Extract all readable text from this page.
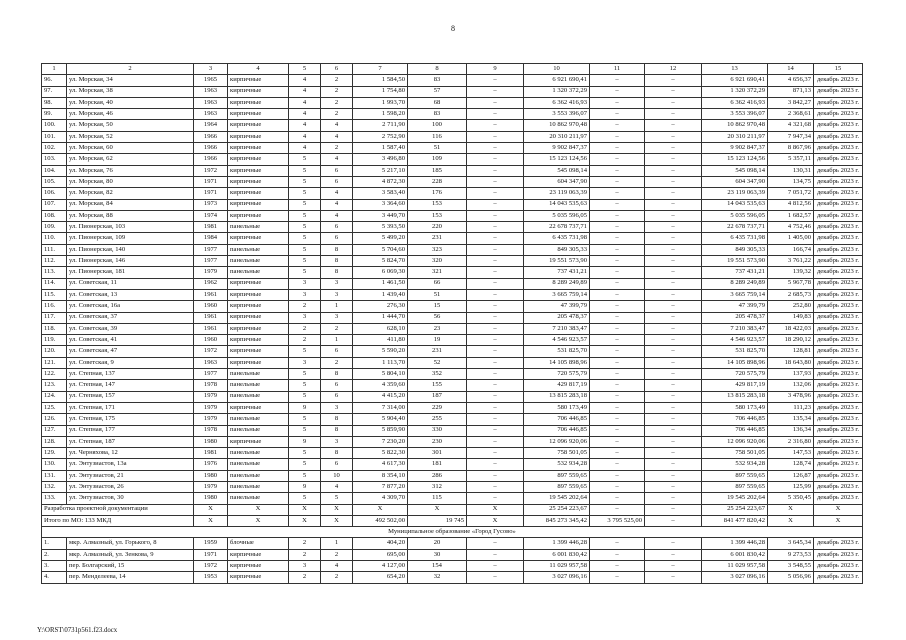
8
1	2	3	4	5	6	7	8	9	10	11	12	13	14	15
96.	ул. Морская, 34	1965	кирпичные	4	2	1 584,50	83	–	6 921 690,41	–	–	6 921 690,41	4 656,37	декабрь 2023 г.
97.	ул. Морская, 38	1963	кирпичные	4	2	1 754,80	57	–	1 320 372,29	–	–	1 320 372,29	871,13	декабрь 2023 г.
98.	ул. Морская, 40	1963	кирпичные	4	2	1 993,70	68	–	6 362 416,93	–	–	6 362 416,93	3 842,27	декабрь 2023 г.
99.	ул. Морская, 46	1963	кирпичные	4	2	1 598,20	83	–	3 553 396,07	–	–	3 553 396,07	2 368,61	декабрь 2023 г.
100.	ул. Морская, 50	1964	кирпичные	4	4	2 711,90	100	–	10 862 970,48	–	–	10 862 970,48	4 321,68	декабрь 2023 г.
101.	ул. Морская, 52	1966	кирпичные	4	4	2 752,90	116	–	20 310 211,97	–	–	20 310 211,97	7 947,34	декабрь 2023 г.
102.	ул. Морская, 60	1966	кирпичные	4	2	1 587,40	51	–	9 902 847,37	–	–	9 902 847,37	8 867,96	декабрь 2023 г.
103.	ул. Морская, 62	1966	кирпичные	5	4	3 496,80	109	–	15 123 124,56	–	–	15 123 124,56	5 357,11	декабрь 2023 г.
104.	ул. Морская, 76	1972	кирпичные	5	6	5 217,10	185	–	545 098,14	–	–	545 098,14	130,31	декабрь 2023 г.
105.	ул. Морская, 80	1971	кирпичные	5	6	4 872,30	228	–	604 347,90	–	–	604 347,90	134,75	декабрь 2023 г.
106.	ул. Морская, 82	1971	кирпичные	5	4	3 583,40	176	–	23 119 063,39	–	–	23 119 063,39	7 051,72	декабрь 2023 г.
107.	ул. Морская, 84	1973	кирпичные	5	4	3 364,60	153	–	14 043 535,63	–	–	14 043 535,63	4 812,56	декабрь 2023 г.
108.	ул. Морская, 88	1974	кирпичные	5	4	3 449,70	153	–	5 035 596,05	–	–	5 035 596,05	1 682,57	декабрь 2023 г.
109.	ул. Пионерская, 103	1981	панельные	5	6	5 393,50	220	–	22 678 737,71	–	–	22 678 737,71	4 752,46	декабрь 2023 г.
110.	ул. Пионерская, 109	1984	кирпичные	5	6	5 499,20	231	–	6 435 731,98	–	–	6 435 731,98	1 405,00	декабрь 2023 г.
111.	ул. Пионерская, 140	1977	панельные	5	8	5 704,60	323	–	849 305,33	–	–	849 305,33	166,74	декабрь 2023 г.
112.	ул. Пионерская, 146	1977	панельные	5	8	5 824,70	320	–	19 551 573,90	–	–	19 551 573,90	3 761,22	декабрь 2023 г.
113.	ул. Пионерская, 181	1979	панельные	5	8	6 069,30	321	–	737 431,21	–	–	737 431,21	139,32	декабрь 2023 г.
114.	ул. Советская, 11	1962	кирпичные	3	3	1 461,50	66	–	8 289 249,89	–	–	8 289 249,89	5 967,78	декабрь 2023 г.
115.	ул. Советская, 13	1961	кирпичные	3	3	1 439,40	51	–	3 665 759,14	–	–	3 665 759,14	2 685,73	декабрь 2023 г.
116.	ул. Советская, 16а	1960	кирпичные	2	1	276,30	15	–	47 399,79	–	–	47 399,79	252,80	декабрь 2023 г.
117.	ул. Советская, 37	1961	кирпичные	3	3	1 444,70	56	–	205 478,37	–	–	205 478,37	149,83	декабрь 2023 г.
118.	ул. Советская, 39	1961	кирпичные	2	2	628,10	23	–	7 210 383,47	–	–	7 210 383,47	18 422,03	декабрь 2023 г.
119.	ул. Советская, 41	1960	кирпичные	2	1	411,80	19	–	4 546 923,57	–	–	4 546 923,57	18 290,12	декабрь 2023 г.
120.	ул. Советская, 47	1972	кирпичные	5	6	5 590,20	231	–	531 825,70	–	–	531 825,70	128,81	декабрь 2023 г.
121.	ул. Советская, 9	1963	кирпичные	3	2	1 113,70	52	–	14 105 898,96	–	–	14 105 898,96	18 643,80	декабрь 2023 г.
122.	ул. Степная, 137	1977	панельные	5	8	5 804,10	352	–	720 575,79	–	–	720 575,79	137,93	декабрь 2023 г.
123.	ул. Степная, 147	1978	панельные	5	6	4 359,60	155	–	429 817,19	–	–	429 817,19	132,06	декабрь 2023 г.
124.	ул. Степная, 157	1979	панельные	5	6	4 415,20	187	–	13 815 283,18	–	–	13 815 283,18	3 478,96	декабрь 2023 г.
125.	ул. Степная, 171	1979	кирпичные	9	3	7 314,00	229	–	580 173,49	–	–	580 173,49	111,23	декабрь 2023 г.
126.	ул. Степная, 175	1979	панельные	5	8	5 904,40	255	–	706 446,85	–	–	706 446,85	135,34	декабрь 2023 г.
127.	ул. Степная, 177	1978	панельные	5	8	5 859,90	330	–	706 446,85	–	–	706 446,85	136,34	декабрь 2023 г.
128.	ул. Степная, 187	1980	кирпичные	9	3	7 230,20	230	–	12 096 920,06	–	–	12 096 920,06	2 316,80	декабрь 2023 г.
129.	ул. Черняхова, 12	1981	панельные	5	8	5 822,30	301	–	758 501,05	–	–	758 501,05	147,53	декабрь 2023 г.
130.	ул. Энтузиастов, 13а	1976	панельные	5	6	4 617,30	181	–	532 934,28	–	–	532 934,28	128,74	декабрь 2023 г.
131.	ул. Энтузиастов, 21	1980	панельные	5	10	8 354,10	286	–	897 559,65	–	–	897 559,65	126,87	декабрь 2023 г.
132.	ул. Энтузиастов, 26	1979	панельные	9	4	7 877,20	312	–	897 559,65	–	–	897 559,65	125,99	декабрь 2023 г.
133.	ул. Энтузиастов, 30	1980	панельные	5	5	4 309,70	115	–	19 545 202,64	–	–	19 545 202,64	5 350,45	декабрь 2023 г.
Разработка проектной документации		Х	Х	Х	Х	Х	Х	Х	25 254 223,67	–	–	25 254 223,67	Х	Х
Итого по МО: 133 МКД		Х	Х	Х	Х	492 502,00	19 745	Х	845 273 345,42	3 795 525,00	–	841 477 820,42	Х	Х
Муниципальное образование «Город Гусово»														
1.	мкр. Алмазный, ул. Горького, 8	1959	блочные	2	1	404,20	20	–	1 399 446,28	–	–	1 399 446,28	3 645,34	декабрь 2023 г.
2.	мкр. Алмазный, ул. Зенкова, 9	1971	кирпичные	2	2	695,00	30	–	6 001 830,42	–	–	6 001 830,42	9 273,53	декабрь 2023 г.
3.	пер. Болгарский, 15	1972	кирпичные	3	4	4 127,00	154	–	11 029 957,58	–	–	11 029 957,58	3 548,55	декабрь 2023 г.
4.	пер. Менделеева, 14	1953	кирпичные	2	2	654,20	32	–	3 027 096,16	–	–	3 027 096,16	5 056,96	декабрь 2023 г.
Y:\ORST\0731p561.f23.docx
